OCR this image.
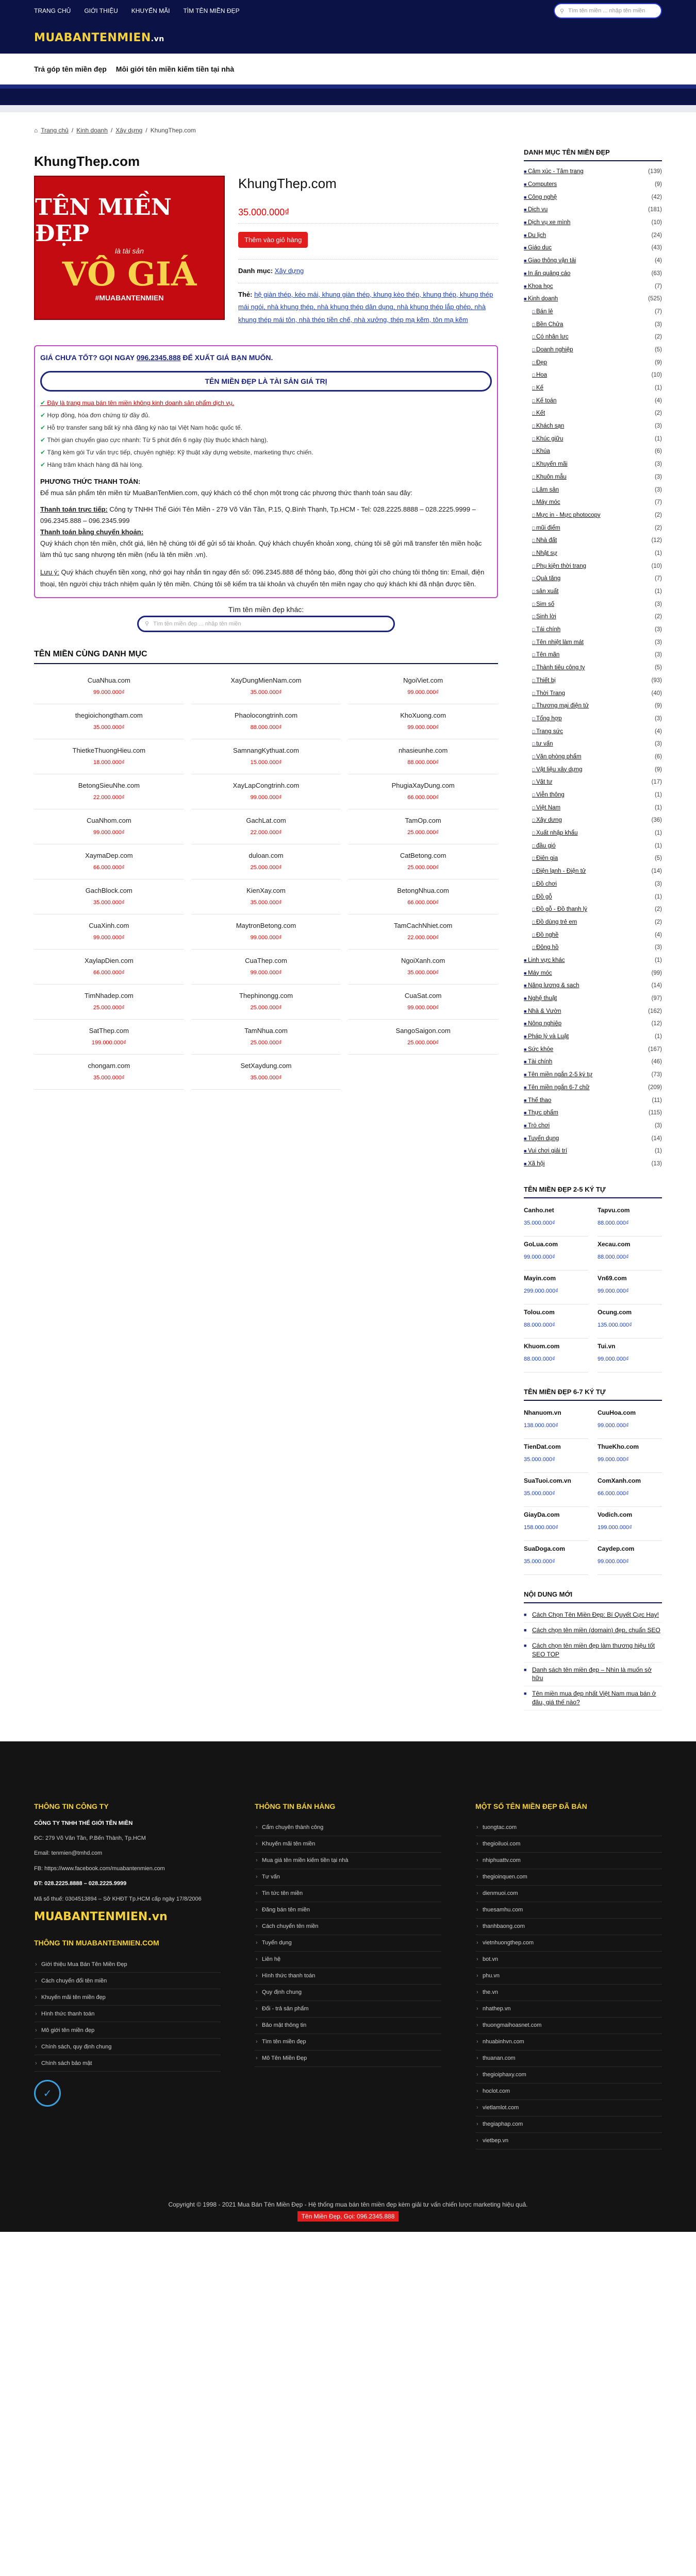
TRANG CHỦ GIỚI THIỆU KHUYẾN MÃI TÌM TÊN MIỀN ĐẸP	⚲ Tìm tên miền ... nhập tên miền
MUABANTENMIEN.vn
Trả góp tên miền đẹp Môi giới tên miền kiếm tiền tại nhà
⌂ Trang chủ / Kinh doanh / Xây dựng / KhungThep.com
KhungThep.com
TÊN MIỀN ĐẸP
là tài sản
VÔ GIÁ
#MUABANTENMIEN
KhungThep.com
35.000.000₫
Thêm vào giỏ hàng
Danh mục: Xây dựng
Thẻ: hệ giàn thép, kéo mái, khung giàn thép, khung kèo thép, khung thép, khung thép mái ngói, nhà khung thép, nhà khung thép dân dụng, nhà khung thép lắp ghép, nhà khung thép mái tôn, nhà thép tiền chế, nhà xưởng, thép mạ kẽm, tôn mạ kẽm
GIÁ CHƯA TỐT? GỌI NGAY 096.2345.888 ĐỂ XUẤT GIÁ BẠN MUỐN.
TÊN MIỀN ĐẸP LÀ TÀI SẢN GIÁ TRỊ
✔ Đây là trang mua bán tên miền không kinh doanh sản phẩm dịch vụ.
✔ Hợp đồng, hóa đơn chứng từ đầy đủ.
✔ Hỗ trợ transfer sang bất kỳ nhà đăng ký nào tại Việt Nam hoặc quốc tế.
✔ Thời gian chuyển giao cực nhanh: Từ 5 phút đến 6 ngày (tùy thuộc khách hàng).
✔ Tặng kèm gói Tư vấn trực tiếp, chuyên nghiệp: Kỹ thuật xây dựng website, marketing thực chiến.
✔ Hàng trăm khách hàng đã hài lòng.
PHƯƠNG THỨC THANH TOÁN:
Để mua sản phẩm tên miền từ MuaBanTenMien.com, quý khách có thể chọn một trong các phương thức thanh toán sau đây:
Thanh toán trực tiếp: Công ty TNHH Thế Giới Tên Miền - 279 Võ Văn Tần, P.15, Q.Bình Thạnh, Tp.HCM - Tel: 028.2225.8888 – 028.2225.9999 – 096.2345.888 – 096.2345.999
Thanh toán bằng chuyển khoản:
Quý khách chọn tên miền, chốt giá, liên hệ chúng tôi để gửi số tài khoản. Quý khách chuyển khoản xong, chúng tôi sẽ gửi mã transfer tên miền hoặc làm thủ tục sang nhượng tên miền (nếu là tên miền .vn).
Lưu ý: Quý khách chuyển tiền xong, nhớ gọi hay nhắn tin ngay đến số: 096.2345.888 để thông báo, đồng thời gửi cho chúng tôi thông tin: Email, điện thoại, tên người chịu trách nhiệm quản lý tên miền. Chúng tôi sẽ kiểm tra tài khoản và chuyển tên miền ngay cho quý khách khi đã nhận được tiền.
Tìm tên miền đẹp khác:
⚲ Tìm tên miền đẹp ... nhập tên miền
TÊN MIỀN CÙNG DANH MỤC
CuaNhua.com
99.000.000₫
XayDungMienNam.com
35.000.000₫
NgoiViet.com
99.000.000₫
thegioichongtham.com
35.000.000₫
Phaolocongtrinh.com
88.000.000₫
KhoXuong.com
99.000.000₫
ThietkeThuongHieu.com
18.000.000₫
SamnangKythuat.com
15.000.000₫
nhasieunhe.com
88.000.000₫
BetongSieuNhe.com
22.000.000₫
XayLapCongtrinh.com
99.000.000₫
PhugiaXayDung.com
66.000.000₫
CuaNhom.com
99.000.000₫
GachLat.com
22.000.000₫
TamOp.com
25.000.000₫
XaymaDep.com
66.000.000₫
duloan.com
25.000.000₫
CatBetong.com
25.000.000₫
GachBlock.com
35.000.000₫
KienXay.com
35.000.000₫
BetongNhua.com
66.000.000₫
CuaXinh.com
99.000.000₫
MaytronBetong.com
99.000.000₫
TamCachNhiet.com
22.000.000₫
XaylapDien.com
66.000.000₫
CuaThep.com
99.000.000₫
NgoiXanh.com
35.000.000₫
TimNhadep.com
25.000.000₫
Thephinongg.com
25.000.000₫
CuaSat.com
99.000.000₫
SatThep.com
199.000.000₫
TamNhua.com
25.000.000₫
SangoSaigon.com
25.000.000₫
chongam.com
35.000.000₫
SetXaydung.com
35.000.000₫
DANH MỤC TÊN MIỀN ĐẸP
■ Cảm xúc - Tâm trạng	(139)
■ Computers	(9)
■ Công nghệ	(42)
■ Dịch vụ	(181)
■ Dịch vụ xe mình	(10)
■ Du lịch	(24)
■ Giáo dục	(43)
■ Giao thông vận tải	(4)
■ In ấn quảng cáo	(63)
■ Khoa học	(7)
■ Kinh doanh	(525)
□ Bán lẻ	(7)
□ Bền Chửa	(3)
□ Có nhân lực	(2)
□ Doanh nghiệp	(5)
□ Đẹp	(9)
□ Hoa	(10)
□ Kế	(1)
□ Kế toán	(4)
□ Kết	(2)
□ Khách sạn	(3)
□ Khúc giữu	(1)
□ Khúa	(6)
□ Khuyến mãi	(3)
□ Khuôn mẫu	(3)
□ Lâm sản	(3)
□ Máy móc	(7)
□ Mực in - Mực photocopy	(2)
□ mũi điểm	(2)
□ Nhà đất	(12)
□ Nhật sự	(1)
□ Phụ kiện thời trang	(10)
□ Quà tặng	(7)
□ sản xuất	(1)
□ Sim số	(3)
□ Sinh lời	(2)
□ Tái chính	(3)
□ Tên nhiệt làm mát	(3)
□ Tên mãn	(3)
□ Thành tiêu công ty	(5)
□ Thiết bị	(93)
□ Thời Trang	(40)
□ Thương mại điện tử	(9)
□ Tổng hợp	(3)
□ Trang sức	(4)
□ tư vấn	(3)
□ Văn phòng phẩm	(6)
□ Vật liệu xây dựng	(9)
□ Vật tư	(17)
□ Viễn thông	(1)
□ Việt Nam	(1)
□ Xây dựng	(36)
□ Xuất nhập khẩu	(1)
□ đầu gió	(1)
□ Điện gia	(5)
□ Điện lạnh - Điện tử	(14)
□ Đồ chơi	(3)
□ Đồ gỗ	(1)
□ Đồ gỗ - Đồ thanh lý	(2)
□ Đồ dùng trẻ em	(2)
□ Đồ nghề	(4)
□ Động hồ	(3)
■ Linh vực khác	(1)
■ Máy móc	(99)
■ Nặng lượng & sạch	(14)
■ Nghệ thuật	(97)
■ Nhà & Vườn	(162)
■ Nông nghiệp	(12)
■ Pháp lý và Luật	(1)
■ Sức khỏe	(167)
■ Tài chính	(46)
■ Tên miền ngắn 2-5 ký tự	(73)
■ Tên miền ngắn 6-7 chữ	(209)
■ Thể thao	(11)
■ Thực phẩm	(115)
■ Trò chơi	(3)
■ Tuyển dụng	(14)
■ Vui chơi giải trí	(1)
■ Xã hội	(13)
TÊN MIỀN ĐẸP 2-5 KÝ TỰ
Canho.net
35.000.000₫
Tapvu.com
88.000.000₫
GoLua.com
99.000.000₫
Xecau.com
88.000.000₫
Mayin.com
299.000.000₫
Vn69.com
99.000.000₫
Tolou.com
88.000.000₫
Ocung.com
135.000.000₫
Khuom.com
88.000.000₫
Tui.vn
99.000.000₫
TÊN MIỀN ĐẸP 6-7 KÝ TỰ
Nhanuom.vn
138.000.000₫
CuuHoa.com
99.000.000₫
TienDat.com
35.000.000₫
ThueKho.com
99.000.000₫
SuaTuoi.com.vn
35.000.000₫
ComXanh.com
66.000.000₫
GiayDa.com
158.000.000₫
Vodich.com
199.000.000₫
SuaDoga.com
35.000.000₫
Caydep.com
99.000.000₫
NỘI DUNG MỚI
■ Cách Chọn Tên Miền Đẹp: Bí Quyết Cực Hay!
■ Cách chọn tên miền (domain) đẹp, chuẩn SEO
■ Cách chọn tên miền đẹp làm thương hiệu tốt SEO TOP
■ Danh sách tên miền đẹp – Nhìn là muốn sở hữu
■ Tên miền mua đẹp nhất Việt Nam mua bán ở đâu, giá thế nào?
THÔNG TIN CÔNG TY
CÔNG TY TNHH THẾ GIỚI TÊN MIỀN
ĐC: 279 Võ Văn Tần, P.Bến Thành, Tp.HCM
Email: tenmien@tmhd.com
FB: https://www.facebook.com/muabantenmien.com
ĐT: 028.2225.8888 – 028.2225.9999
Mã số thuế: 0304513894 – Sở KHĐT Tp.HCM cấp ngày 17/8/2006
MUABANTENMIEN.vn
THÔNG TIN MUABANTENMIEN.COM
› Giới thiệu Mua Bán Tên Miền Đẹp
› Cách chuyển đổi tên miền
› Khuyến mãi tên miền đẹp
› Hình thức thanh toán
› Mô giới tên miền đẹp
› Chính sách, quy định chung
› Chính sách bảo mật
✓
THÔNG TIN BÁN HÀNG
› Cẩm chuyên thành công
› Khuyến mãi tên miền
› Mua giá tên miền kiếm tiền tại nhà
› Tư vấn
› Tin tức tên miền
› Đăng bán tên miền
› Cách chuyển tên miền
› Tuyển dụng
› Liên hệ
› Hình thức thanh toán
› Quy định chung
› Đổi - trả sản phẩm
› Bảo mật thông tin
› Tìm tên miền đẹp
› Mô Tên Miền Đẹp
MỘT SỐ TÊN MIỀN ĐẸP ĐÃ BÁN
› tuongtac.com
› thegioiluoi.com
› nhiphuattv.com
› thegioinquen.com
› dienmuoi.com
› thuesamhu.com
› thanhbaong.com
› vietnhuongthep.com
› bot.vn
› phu.vn
› the.vn
› nhathep.vn
› thuongmaihoasnet.com
› nhuabinhvn.com
› thuanan.com
› thegioiphaxy.com
› hoclot.com
› vietlamlot.com
› thegiaphap.com
› vietbep.vn
Copyright © 1998 - 2021 Mua Bán Tên Miền Đẹp - Hệ thống mua bán tên miền đẹp kèm giải tư vấn chiến lược marketing hiệu quả.
Tên Miền Đẹp, Gọi: 096.2345.888
